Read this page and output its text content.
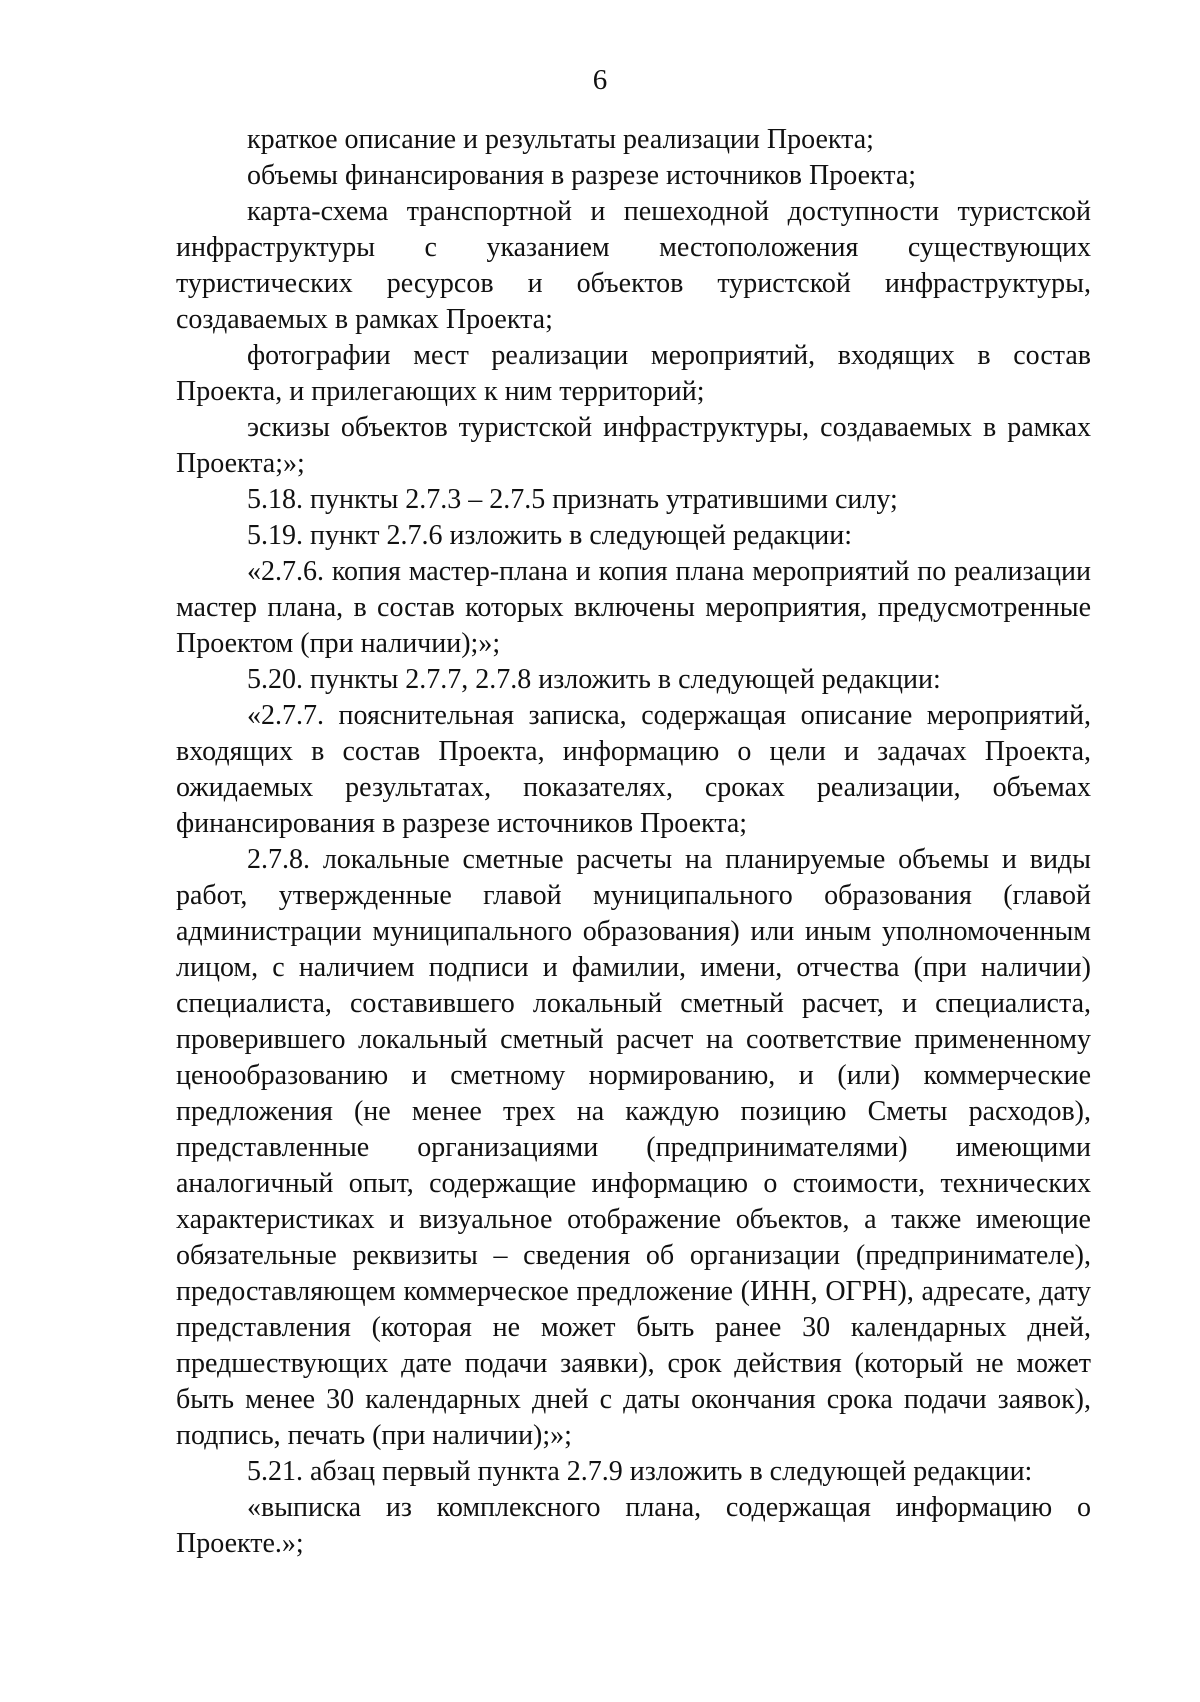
6

краткое описание и результаты реализации Проекта;

объемы финансирования в разрезе источников Проекта;

карта-схема транспортной и пешеходной доступности туристской инфраструктуры с указанием местоположения существующих туристических ресурсов и объектов туристской инфраструктуры, создаваемых в рамках Проекта;

фотографии мест реализации мероприятий, входящих в состав Проекта, и прилегающих к ним территорий;

эскизы объектов туристской инфраструктуры, создаваемых в рамках Проекта;»;

5.18. пункты 2.7.3 – 2.7.5 признать утратившими силу;

5.19. пункт 2.7.6 изложить в следующей редакции:

«2.7.6. копия мастер-плана и копия плана мероприятий по реализации мастер плана, в состав которых включены мероприятия, предусмотренные Проектом (при наличии);»;

5.20. пункты 2.7.7, 2.7.8 изложить в следующей редакции:

«2.7.7. пояснительная записка, содержащая описание мероприятий, входящих в состав Проекта, информацию о цели и задачах Проекта, ожидаемых результатах, показателях, сроках реализации, объемах финансирования в разрезе источников Проекта;

2.7.8. локальные сметные расчеты на планируемые объемы и виды работ, утвержденные главой муниципального образования (главой администрации муниципального образования) или иным уполномоченным лицом, с наличием подписи и фамилии, имени, отчества (при наличии) специалиста, составившего локальный сметный расчет, и специалиста, проверившего локальный сметный расчет на соответствие примененному ценообразованию и сметному нормированию, и (или) коммерческие предложения (не менее трех на каждую позицию Сметы расходов), представленные организациями (предпринимателями) имеющими аналогичный опыт, содержащие информацию о стоимости, технических характеристиках и визуальное отображение объектов, а также имеющие обязательные реквизиты – сведения об организации (предпринимателе), предоставляющем коммерческое предложение (ИНН, ОГРН), адресате, дату представления (которая не может быть ранее 30 календарных дней, предшествующих дате подачи заявки), срок действия (который не может быть менее 30 календарных дней с даты окончания срока подачи заявок), подпись, печать (при наличии);»;

5.21. абзац первый пункта 2.7.9 изложить в следующей редакции:

«выписка из комплексного плана, содержащая информацию о Проекте.»;
